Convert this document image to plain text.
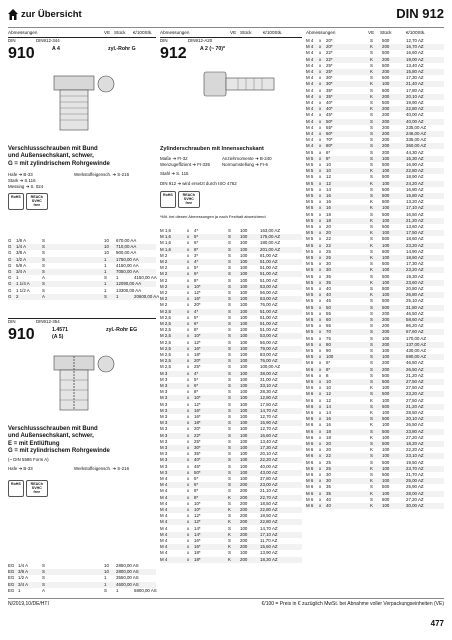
zur Übersicht	DIN 912
Abmessungen	VE Stück €/100Stk. Abmessungen	VE Stück	€/100Stk.	Abmessungen	VE Stück	€/100Stk.
DIN	DIN912-344
910	A 4	zyl.-Rohr G
Verschlussschrauben mit Bund
und Außensechskant, schwer,
G = mit zylindrischem Rohrgewinde
Hafe ➜ B-33	Werkstoffeigensch. ➜ S-216
Stark ➜ S.116
Messing ➜ S. 024
RoHS	REACh SVHC free
G 1/8 A	S	10 670,00 AA
G 1/4 A	S	10 710,00 AA
G 3/8 A	S	10 900,00 AA
G 1/2 A	S	1 1750,00 AA
G 5/8 A	S	1 4150,00 AA
G 3/4 A	S	1 7050,00 AA
G 1	A	S 1	4150,00 AA
G 1 1/4 A	S	1 12090,00 AA
G 1 1/2 A	S	1 13300,00 AA
G 2	A	S 1	20600,00 AA
DIN	DIN912-354
910	1.4571
(A 5)
zyl.-Rohr EG
Verschlussschrauben mit Bund
und Außensechskant, schwer,
E = mit Entlüftung
G = mit zylindrischem Rohrgewinde
(~ DIN 5586 Form A)
Hafe ➜ B-33	Werkstoffeigensch. ➜ S-216
RoHS	REACh SVHC free
EG 1/4 A	S	10 2850,00 AS
EG 3/8 A	S	10 2800,00 AS
EG 1/2 A	S	1 3550,00 AS
EG 3/4 A	S	1 4600,00 AS
EG 1	A	S 1	5800,00 AS
DIN	DIN912-A20
912	A 2 (~ 70)*
Zylinderschrauben mit Innensechskant
Maße ➜ FI-32	Anziehmomente ➜ B-240
Wenzugeffizient ➜ FI-335	Normumstellung ➜ FI-6
Stahl ➜ S. 115
DIN 912 ➜ wird ersetzt durch ISO 4762
RoHS	REACh SVHC free
*Mit. bei diesen Abmessungen ja nach Festhalt abweichend
M 1,6	x 4*	S 100	163,00 AZ
M 1,6	x 5*	S 100	175,00 AZ
M 1,6	x 6*	S 100	180,00 AZ
M 1,6	x 8*	S 100	201,00 AZ
M 2	x 3*	S 100	81,00 AZ
M 2	x 4*	S 100	51,00 AZ
M 2	x 5*	S 100	51,00 AZ
M 2	x 6*	S 100	51,00 AZ
M 2	x 8*	S 100	51,00 AZ
M 2	x 10*	S 100	53,00 AZ
M 2	x 12*	S 100	56,00 AZ
M 2	x 16*	S 100	63,00 AZ
M 2	x 20*	S 100	76,00 AZ
M 2,5	x 4*	S 100	51,00 AZ
M 2,5	x 5*	S 100	51,00 AZ
M 2,5	x 6*	S 100	51,00 AZ
M 2,5	x 8*	S 100	51,00 AZ
M 2,5	x 10*	S 100	53,00 AZ
M 2,5	x 12*	S 100	56,00 AZ
M 2,5	x 16*	S 100	79,00 AZ
M 2,5	x 18*	S 100	83,00 AZ
M 2,5	x 20*	S 100	76,00 AZ
M 2,5	x 25*	S 100	100,00 AZ
M 3	x 4*	S 100	38,00 AZ
M 3	x 5*	S 100	31,00 AZ
M 3	x 6*	S 100	33,10 AZ
M 3	x 8*	S 100	28,30 AZ
M 3	x 10*	S 100	12,90 AZ
M 3	x 12*	S 100	17,50 AZ
M 3	x 16*	S 100	14,70 AZ
M 3	x 16*	S 100	12,70 AZ
M 3	x 18*	S 100	15,90 AZ
M 3	x 20*	S 100	12,70 AZ
M 3	x 22*	S 100	16,60 AZ
M 3	x 25*	S 100	13,40 AZ
M 3	x 30*	S 100	17,30 AZ
M 3	x 35*	S 100	20,10 AZ
M 3	x 40*	S 100	22,20 AZ
M 3	x 45*	S 100	40,00 AZ
M 3	x 50*	S 100	43,00 AZ
M 4	x 5*	S 100	37,80 AZ
M 4	x 6*	S 200	23,00 AZ
M 4	x 8*	S 200	21,10 AZ
M 4	x 8*	K 200	22,70 AZ
M 4	x 10*	S 200	18,50 AZ
M 4	x 10*	K 200	22,80 AZ
M 4	x 12*	S 200	18,50 AZ
M 4	x 12*	K 200	22,80 AZ
M 4	x 14*	S 100	14,70 AZ
M 4	x 14*	K 200	17,10 AZ
M 4	x 16*	S 200	11,70 AZ
M 4	x 16*	K 200	15,60 AZ
M 4	x 18*	S 100	13,90 AZ
M 4	x 18*	K 200	18,30 AZ
M 4 x 20*	S 500	12,70 AZ
M 4 x 20*	K 200	16,70 AZ
M 4 x 22*	S 500	16,60 AZ
M 4 x 22*	K 200	19,00 AZ
M 4 x 25*	S 500	13,40 AZ
M 4 x 25*	K 200	15,80 AZ
M 4 x 30*	S 500	17,30 AZ
M 4 x 30*	K 100	21,40 AZ
M 4 x 35*	S 500	17,80 AZ
M 4 x 35*	K 200	20,10 AZ
M 4 x 40*	S 500	19,90 AZ
M 4 x 40*	K 200	22,80 AZ
M 4 x 45*	S 200	40,00 AZ
M 4 x 50*	S 200	40,00 AZ
M 4 x 55*	S 200	235,00 AZ
M 4 x 60*	S 200	246,00 AZ
M 4 x 70*	S 200	335,00 AZ
M 4 x 80*	S 200	360,00 AZ
M 5 x 6*	S 200	44,30 AZ
M 5 x 8*	S 100	15,30 AZ
M 5 x 10	S 500	16,90 AZ
M 5 x 10	K 100	22,80 AZ
M 5 x 12	S 500	18,90 AZ
M 5 x 12	K 100	24,20 AZ
M 5 x 14	S 500	16,80 AZ
M 5 x 16	S 500	15,80 AZ
M 5 x 16	K 500	13,20 AZ
M 5 x 16	K 100	17,10 AZ
M 5 x 18	S 500	16,50 AZ
M 5 x 18	K 100	21,20 AZ
M 5 x 20	S 500	13,60 AZ
M 5 x 20	K 100	17,50 AZ
M 5 x 22	S 500	18,60 AZ
M 5 x 22	K 100	23,20 AZ
M 5 x 25	S 500	14,90 AZ
M 5 x 25	K 100	18,60 AZ
M 5 x 30	S 500	17,30 AZ
M 5 x 30	K 100	23,20 AZ
M 5 x 35	S 500	19,30 AZ
M 5 x 35	K 100	23,60 AZ
M 5 x 40	S 500	20,80 AZ
M 5 x 40	K 100	26,80 AZ
M 5 x 45	S 500	25,10 AZ
M 5 x 50	S 500	31,80 AZ
M 5 x 55	S 200	46,50 AZ
M 5 x 60	S 200	58,60 AZ
M 5 x 65	S 200	86,20 AZ
M 5 x 70	S 200	67,60 AZ
M 5 x 75	S 100	170,00 AZ
M 5 x 80	S 200	137,00 AZ
M 5 x 90	S 100	430,00 AZ
M 5 x 100	S 100	690,00 AZ
M 6 x 6*	S 200	46,50 AZ
M 6 x 8*	S 200	26,50 AZ
M 6 x 8	S 500	21,20 AZ
M 6 x 10	S 500	27,50 AZ
M 6 x 10	K 100	27,50 AZ
M 6 x 12	S 500	23,20 AZ
M 6 x 12	K 100	27,50 AZ
M 6 x 14	S 500	21,20 AZ
M 6 x 14	K 100	28,50 AZ
M 6 x 16	S 500	20,10 AZ
M 6 x 16	K 100	26,50 AZ
M 6 x 18	S 500	23,80 AZ
M 6 x 18	K 100	27,20 AZ
M 6 x 20	S 500	18,20 AZ
M 6 x 20	K 100	22,20 AZ
M 6 x 22	S 100	23,10 AZ
M 6 x 25	S 500	19,50 AZ
M 6 x 25	K 100	23,70 AZ
M 6 x 30	S 500	21,70 AZ
M 6 x 30	K 100	25,00 AZ
M 6 x 35	S 500	25,90 AZ
M 6 x 35	K 100	28,00 AZ
M 6 x 40	S 500	27,20 AZ
M 6 x 40	K 100	30,00 AZ
N/2019,10/DE/HTI	€/100 = Preis in € zuzüglich MwSt. bei Abnahme voller Verpackungseinheiten (VE)
477
